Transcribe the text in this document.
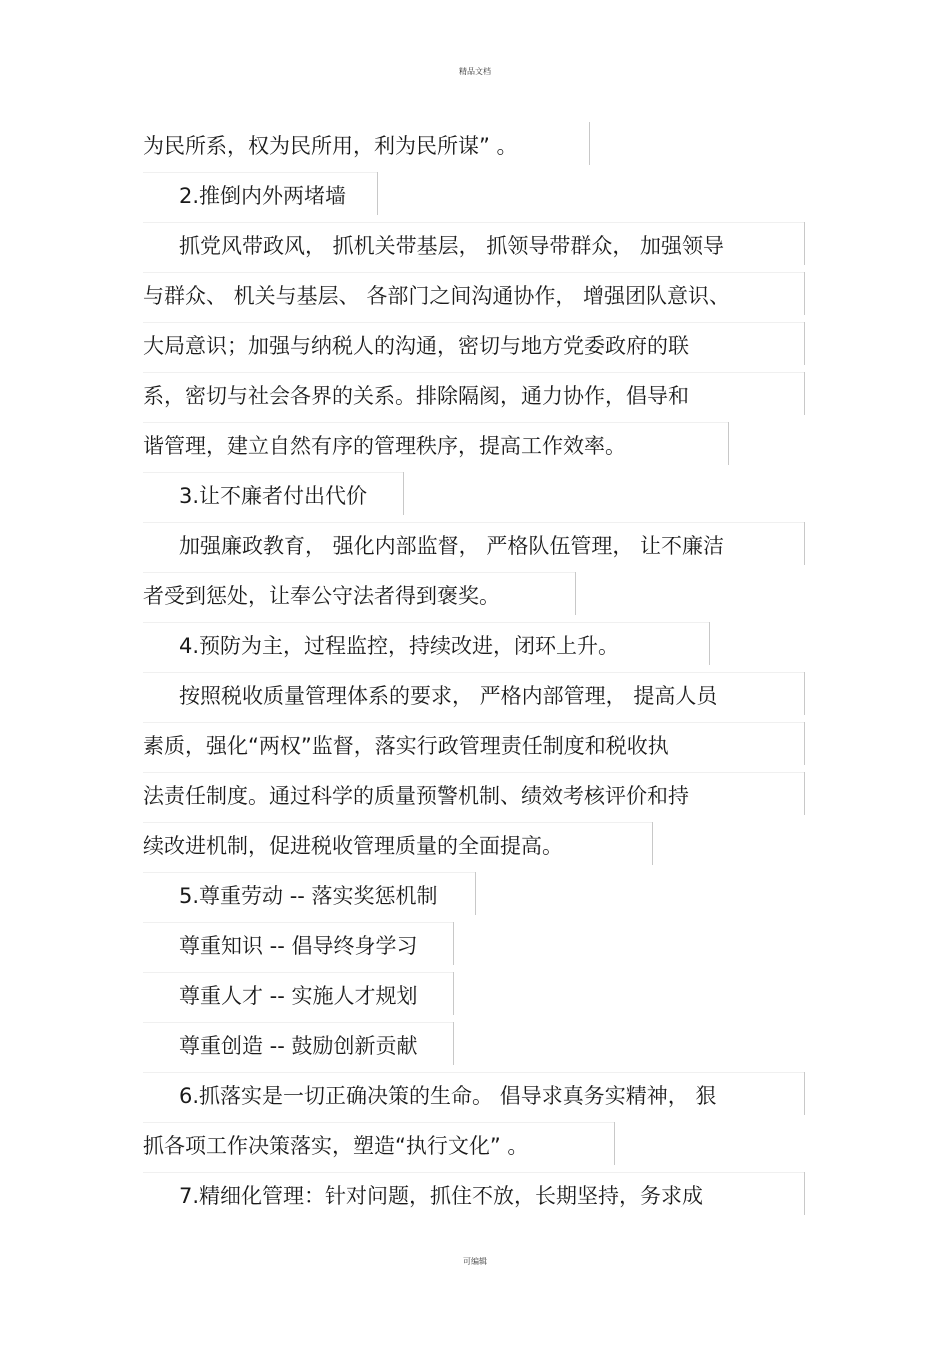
精品文档
为民所系，权为民所用，利为民所谋” 。
2.推倒内外两堵墙
抓党风带政风， 抓机关带基层， 抓领导带群众， 加强领导
与群众、 机关与基层、 各部门之间沟通协作， 增强团队意识、
大局意识；加强与纳税人的沟通，密切与地方党委政府的联
系，密切与社会各界的关系。排除隔阂，通力协作，倡导和
谐管理，建立自然有序的管理秩序，提高工作效率。
3.让不廉者付出代价
加强廉政教育， 强化内部监督， 严格队伍管理， 让不廉洁
者受到惩处，让奉公守法者得到褒奖。
4.预防为主，过程监控，持续改进，闭环上升。
按照税收质量管理体系的要求， 严格内部管理， 提高人员
素质，强化“两权”监督，落实行政管理责任制度和税收执
法责任制度。通过科学的质量预警机制、绩效考核评价和持
续改进机制，促进税收管理质量的全面提高。
5.尊重劳动 -- 落实奖惩机制
尊重知识 -- 倡导终身学习
尊重人才 -- 实施人才规划
尊重创造 -- 鼓励创新贡献
6.抓落实是一切正确决策的生命。 倡导求真务实精神， 狠
抓各项工作决策落实，塑造“执行文化” 。
7.精细化管理：针对问题，抓住不放，长期坚持，务求成
可编辑
